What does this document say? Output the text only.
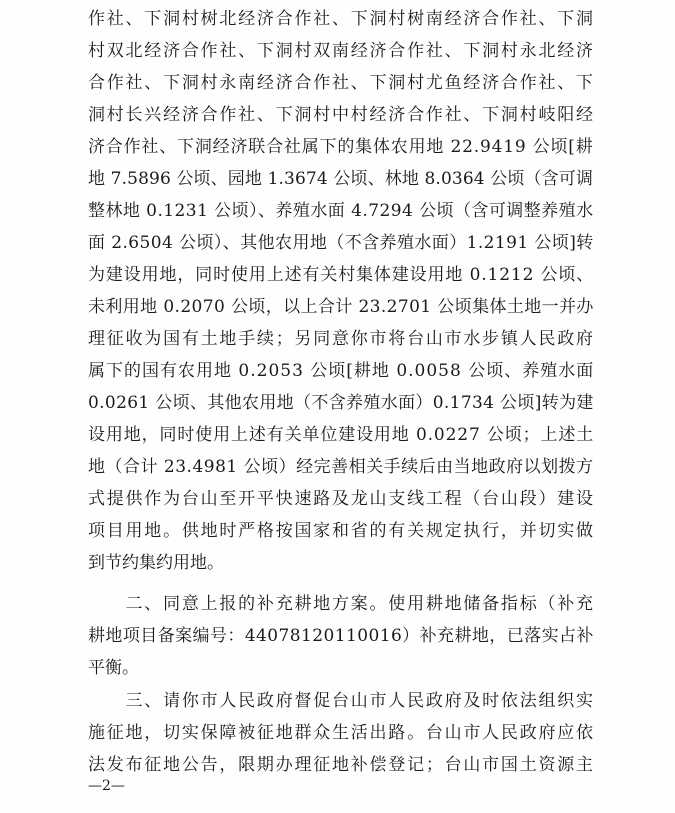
作社、下洞村树北经济合作社、下洞村树南经济合作社、下洞
村双北经济合作社、下洞村双南经济合作社、下洞村永北经济
合作社、下洞村永南经济合作社、下洞村尤鱼经济合作社、下
洞村长兴经济合作社、下洞村中村经济合作社、下洞村岐阳经
济合作社、下洞经济联合社属下的集体农用地 22.9419 公顷[耕
地 7.5896 公顷、园地 1.3674 公顷、林地 8.0364 公顷（含可调
整林地 0.1231 公顷）、养殖水面 4.7294 公顷（含可调整养殖水
面 2.6504 公顷）、其他农用地（不含养殖水面）1.2191 公顷]转
为建设用地，同时使用上述有关村集体建设用地 0.1212 公顷、
未利用地 0.2070 公顷，以上合计 23.2701 公顷集体土地一并办
理征收为国有土地手续；另同意你市将台山市水步镇人民政府
属下的国有农用地 0.2053 公顷[耕地 0.0058 公顷、养殖水面
0.0261 公顷、其他农用地（不含养殖水面）0.1734 公顷]转为建
设用地，同时使用上述有关单位建设用地 0.0227 公顷；上述土
地（合计 23.4981 公顷）经完善相关手续后由当地政府以划拨方
式提供作为台山至开平快速路及龙山支线工程（台山段）建设
项目用地。供地时严格按国家和省的有关规定执行，并切实做
到节约集约用地。
　　二、同意上报的补充耕地方案。使用耕地储备指标（补充
耕地项目备案编号：44078120110016）补充耕地，已落实占补
平衡。
　　三、请你市人民政府督促台山市人民政府及时依法组织实
施征地，切实保障被征地群众生活出路。台山市人民政府应依
法发布征地公告，限期办理征地补偿登记；台山市国土资源主
—2—
